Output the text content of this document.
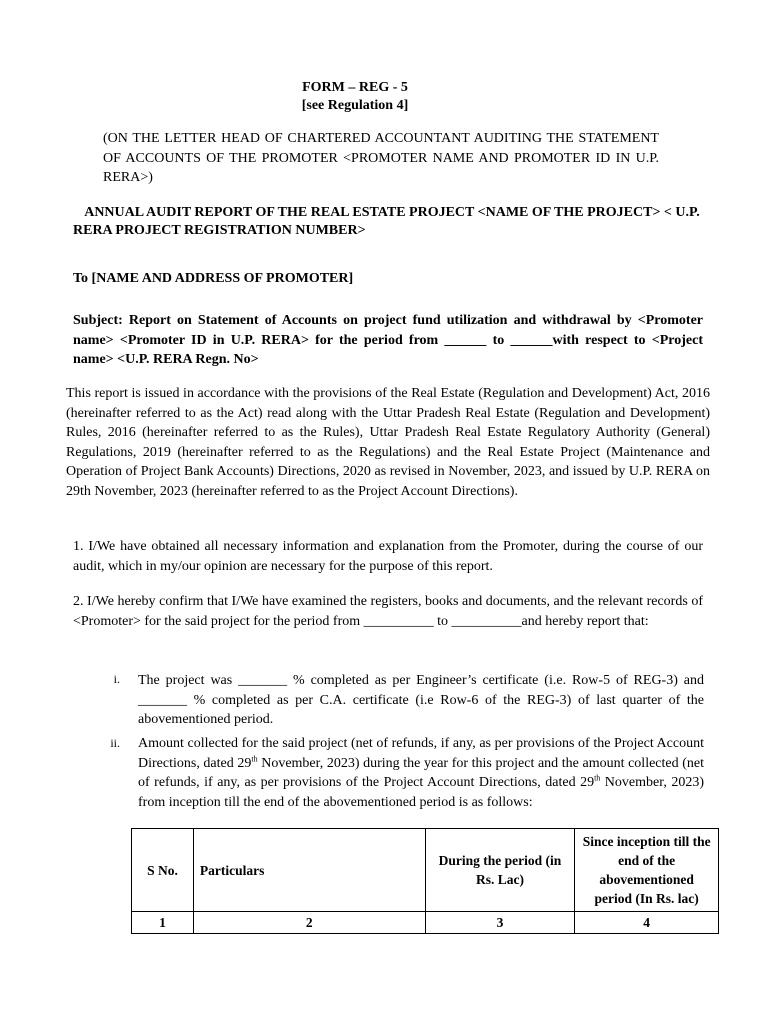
FORM – REG - 5
[see Regulation 4]
(ON THE LETTER HEAD OF CHARTERED ACCOUNTANT AUDITING THE STATEMENT OF ACCOUNTS OF THE PROMOTER <PROMOTER NAME AND PROMOTER ID IN U.P. RERA>)
ANNUAL AUDIT REPORT OF THE REAL ESTATE PROJECT <NAME OF THE PROJECT> < U.P. RERA PROJECT REGISTRATION NUMBER>
To [NAME AND ADDRESS OF PROMOTER]
Subject: Report on Statement of Accounts on project fund utilization and withdrawal by <Promoter name> <Promoter ID in U.P. RERA> for the period from ______ to ______with respect to <Project name> <U.P. RERA Regn. No>
This report is issued in accordance with the provisions of the Real Estate (Regulation and Development) Act, 2016 (hereinafter referred to as the Act) read along with the Uttar Pradesh Real Estate (Regulation and Development) Rules, 2016 (hereinafter referred to as the Rules), Uttar Pradesh Real Estate Regulatory Authority (General) Regulations, 2019 (hereinafter referred to as the Regulations) and the Real Estate Project (Maintenance and Operation of Project Bank Accounts) Directions, 2020 as revised in November, 2023, and issued by U.P. RERA on 29th November, 2023 (hereinafter referred to as the Project Account Directions).
1. I/We have obtained all necessary information and explanation from the Promoter, during the course of our audit, which in my/our opinion are necessary for the purpose of this report.
2. I/We hereby confirm that I/We have examined the registers, books and documents, and the relevant records of <Promoter> for the said project for the period from __________ to __________and hereby report that:
i. The project was _______ % completed as per Engineer’s certificate (i.e. Row-5 of REG-3) and _______ % completed as per C.A. certificate (i.e Row-6 of the REG-3) of last quarter of the abovementioned period.
ii. Amount collected for the said project (net of refunds, if any, as per provisions of the Project Account Directions, dated 29th November, 2023) during the year for this project and the amount collected (net of refunds, if any, as per provisions of the Project Account Directions, dated 29th November, 2023) from inception till the end of the abovementioned period is as follows:
S No.	Particulars	During the period (in Rs. Lac)	Since inception till the end of the abovementioned period (In Rs. lac)
1	2	3	4
